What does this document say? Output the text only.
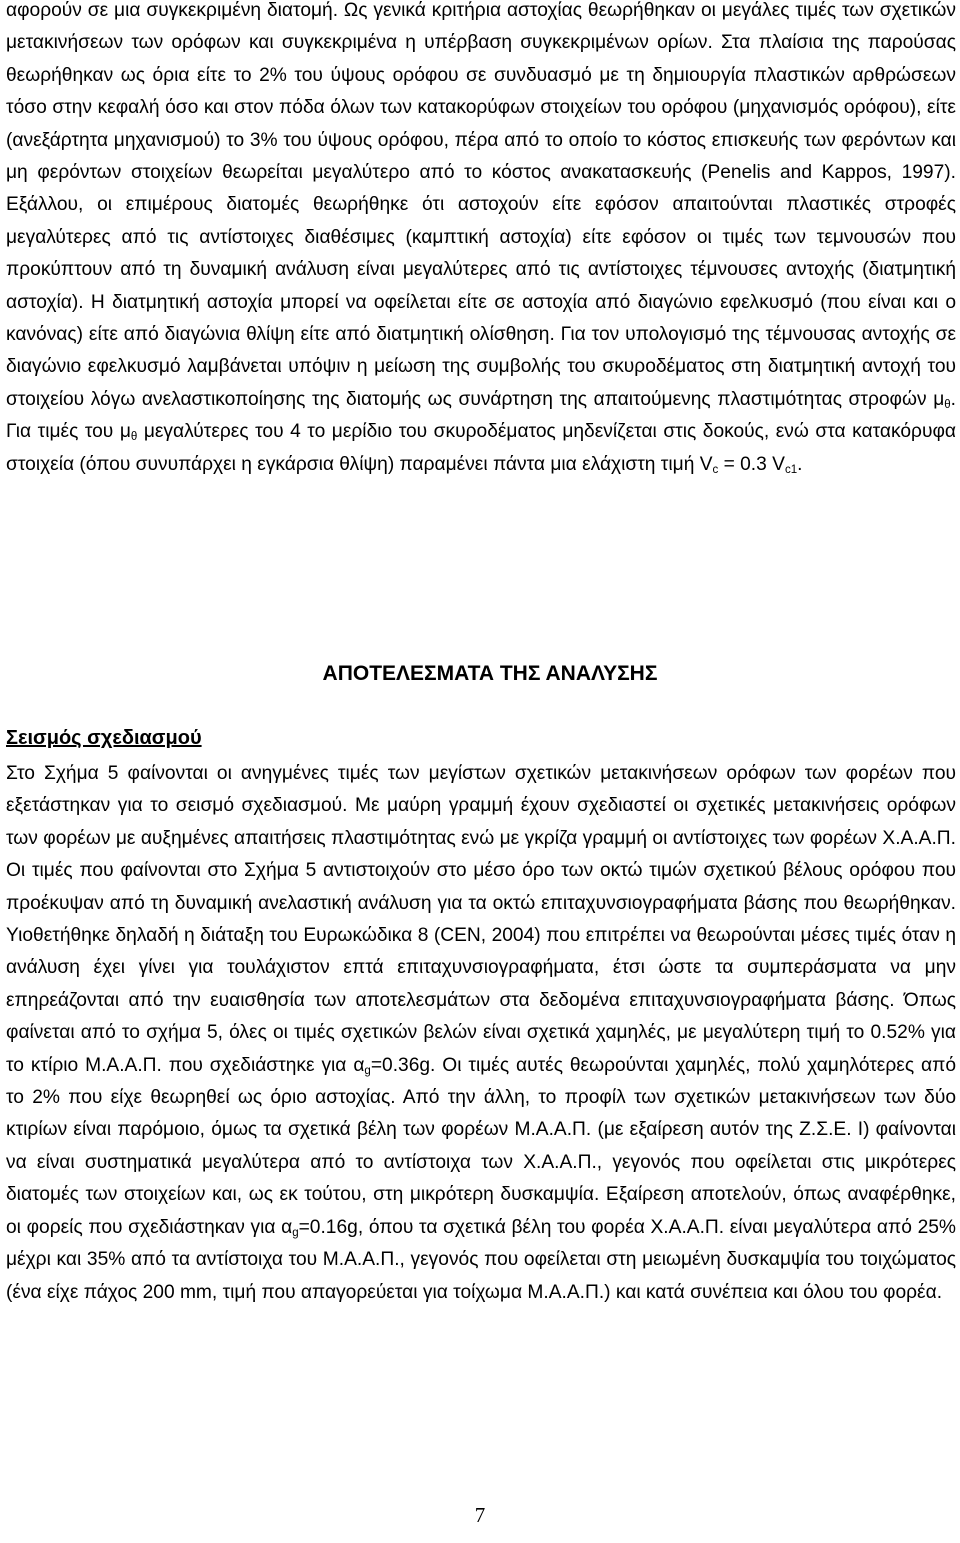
αφορούν σε μια συγκεκριμένη διατομή. Ως γενικά κριτήρια αστοχίας θεωρήθηκαν οι μεγάλες τιμές των σχετικών μετακινήσεων των ορόφων και συγκεκριμένα η υπέρβαση συγκεκριμένων ορίων. Στα πλαίσια της παρούσας θεωρήθηκαν ως όρια είτε το 2% του ύψους ορόφου σε συνδυασμό με τη δημιουργία πλαστικών αρθρώσεων τόσο στην κεφαλή όσο και στον πόδα όλων των κατακορύφων στοιχείων του ορόφου (μηχανισμός ορόφου), είτε (ανεξάρτητα μηχανισμού) το 3% του ύψους ορόφου, πέρα από το οποίο το κόστος επισκευής των φερόντων και μη φερόντων στοιχείων θεωρείται μεγαλύτερο από το κόστος ανακατασκευής (Penelis and Kappos, 1997). Εξάλλου, οι επιμέρους διατομές θεωρήθηκε ότι αστοχούν είτε εφόσον απαιτούνται πλαστικές στροφές μεγαλύτερες από τις αντίστοιχες διαθέσιμες (καμπτική αστοχία) είτε εφόσον οι τιμές των τεμνουσών που προκύπτουν από τη δυναμική ανάλυση είναι μεγαλύτερες από τις αντίστοιχες τέμνουσες αντοχής (διατμητική αστοχία). Η διατμητική αστοχία μπορεί να οφείλεται είτε σε αστοχία από διαγώνιο εφελκυσμό (που είναι και ο κανόνας) είτε από διαγώνια θλίψη είτε από διατμητική ολίσθηση. Για τον υπολογισμό της τέμνουσας αντοχής σε διαγώνιο εφελκυσμό λαμβάνεται υπόψιν η μείωση της συμβολής του σκυροδέματος στη διατμητική αντοχή του στοιχείου λόγω ανελαστικοποίησης της διατομής ως συνάρτηση της απαιτούμενης πλαστιμότητας στροφών $\mu_\theta$. Για τιμές του $\mu_\theta$ μεγαλύτερες του 4 το μερίδιο του σκυροδέματος μηδενίζεται στις δοκούς, ενώ στα κατακόρυφα στοιχεία (όπου συνυπάρχει η εγκάρσια θλίψη) παραμένει πάντα μια ελάχιστη τιμή $V_c = 0.3$ $V_{c1}$.

ΑΠΟΤΕΛΕΣΜΑΤΑ ΤΗΣ ΑΝΑΛΥΣΗΣ
Σεισμός σχεδιασμού

Στο Σχήμα 5 φαίνονται οι ανηγμένες τιμές των μεγίστων σχετικών μετακινήσεων ορόφων των φορέων που εξετάστηκαν για το σεισμό σχεδιασμού. Με μαύρη γραμμή έχουν σχεδιαστεί οι σχετικές μετακινήσεις ορόφων των φορέων με αυξημένες απαιτήσεις πλαστιμότητας ενώ με γκρίζα γραμμή οι αντίστοιχες των φορέων Χ.Α.Α.Π. Οι τιμές που φαίνονται στο Σχήμα 5 αντιστοιχούν στο μέσο όρο των οκτώ τιμών σχετικού βέλους ορόφου που προέκυψαν από τη δυναμική ανελαστική ανάλυση για τα οκτώ επιταχυνσιογραφήματα βάσης που θεωρήθηκαν. Υιοθετήθηκε δηλαδή η διάταξη του Ευρωκώδικα 8 (CEN, 2004) που επιτρέπει να θεωρούνται μέσες τιμές όταν η ανάλυση έχει γίνει για τουλάχιστον επτά επιταχυνσιογραφήματα, έτσι ώστε τα συμπεράσματα να μην επηρεάζονται από την ευαισθησία των αποτελεσμάτων στα δεδομένα επιταχυνσιογραφήματα βάσης. Όπως φαίνεται από το σχήμα 5, όλες οι τιμές σχετικών βελών είναι σχετικά χαμηλές, με μεγαλύτερη τιμή το 0.52% για το κτίριο Μ.Α.Α.Π. που σχεδιάστηκε για $\alpha_g=0.36g$. Οι τιμές αυτές θεωρούνται χαμηλές, πολύ χαμηλότερες από το 2% που είχε θεωρηθεί ως όριο αστοχίας. Από την άλλη, το προφίλ των σχετικών μετακινήσεων των δύο κτιρίων είναι παρόμοιο, όμως τα σχετικά βέλη των φορέων Μ.Α.Α.Π. (με εξαίρεση αυτόν της Ζ.Σ.Ε. Ι) φαίνονται να είναι συστηματικά μεγαλύτερα από το αντίστοιχα των Χ.Α.Α.Π., γεγονός που οφείλεται στις μικρότερες διατομές των στοιχείων και, ως εκ τούτου, στη μικρότερη δυσκαμψία. Εξαίρεση αποτελούν, όπως αναφέρθηκε, οι φορείς που σχεδιάστηκαν για $\alpha_g=0.16g$, όπου τα σχετικά βέλη του φορέα Χ.Α.Α.Π. είναι μεγαλύτερα από 25% μέχρι και 35% από τα αντίστοιχα του Μ.Α.Α.Π., γεγονός που οφείλεται στη μειωμένη δυσκαμψία του τοιχώματος (ένα είχε πάχος 200 mm, τιμή που απαγορεύεται για τοίχωμα Μ.Α.Α.Π.) και κατά συνέπεια και όλου του φορέα.

7
